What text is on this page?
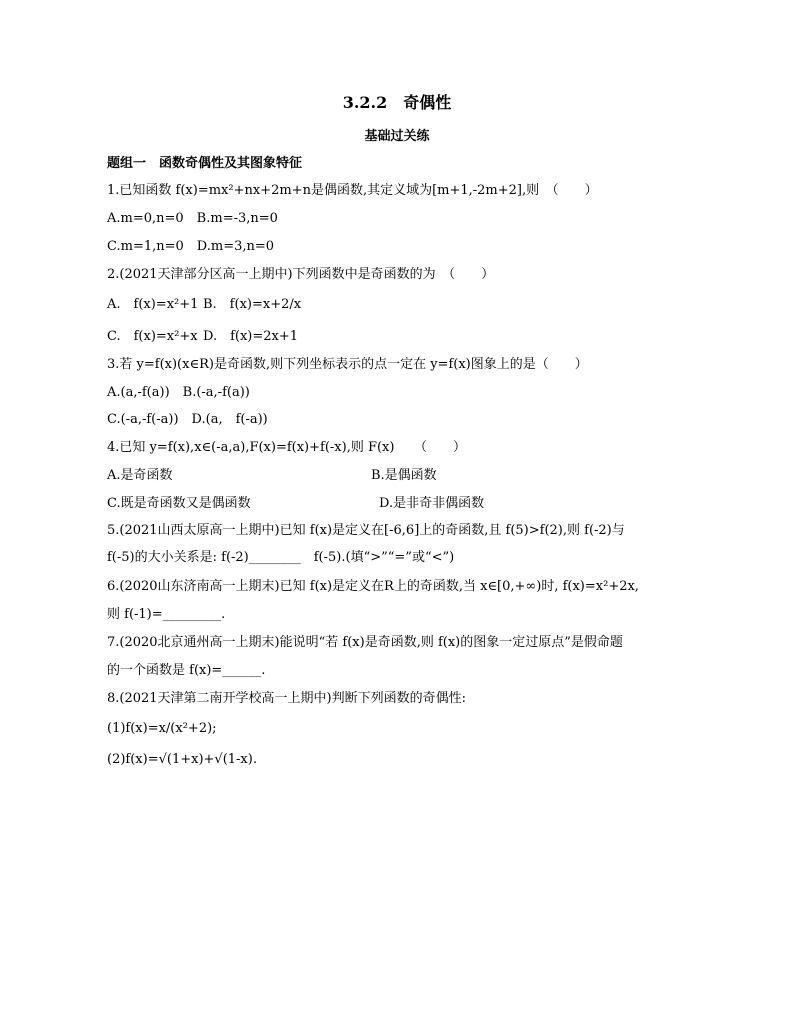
3.2.2　奇偶性
基础过关练
题组一　函数奇偶性及其图象特征
1.已知函数 f(x)=mx²+nx+2m+n是偶函数,其定义域为[m+1,-2m+2],则　（　　）
A.m=0,n=0　B.m=-3,n=0
C.m=1,n=0　D.m=3,n=0
2.(2021天津部分区高一上期中)下列函数中是奇函数的为　（　　）
A.　f(x)=x²+1 B.　f(x)=x+2/x
C.　f(x)=x²+x D.　f(x)=2x+1
3.若 y=f(x)(x∈R)是奇函数,则下列坐标表示的点一定在 y=f(x)图象上的是（　　）
A.(a,-f(a))　B.(-a,-f(a))
C.(-a,-f(-a))　D.(a,　f(-a))
4.已知 y=f(x),x∈(-a,a),F(x)=f(x)+f(-x),则 F(x)　　（　　）
A.是奇函数	B.是偶函数
C.既是奇函数又是偶函数	D.是非奇非偶函数
5.(2021山西太原高一上期中)已知 f(x)是定义在[-6,6]上的奇函数,且 f(5)>f(2),则 f(-2)与
f(-5)的大小关系是: f(-2)________　f(-5).(填“>”“=”或“<”)
6.(2020山东济南高一上期末)已知 f(x)是定义在R上的奇函数,当 x∈[0,+∞)时, f(x)=x²+2x,
则 f(-1)=_________.
7.(2020北京通州高一上期末)能说明“若 f(x)是奇函数,则 f(x)的图象一定过原点”是假命题
的一个函数是 f(x)=______.
8.(2021天津第二南开学校高一上期中)判断下列函数的奇偶性:
(1)f(x)=x/(x²+2);
(2)f(x)=√(1+x)+√(1-x).
